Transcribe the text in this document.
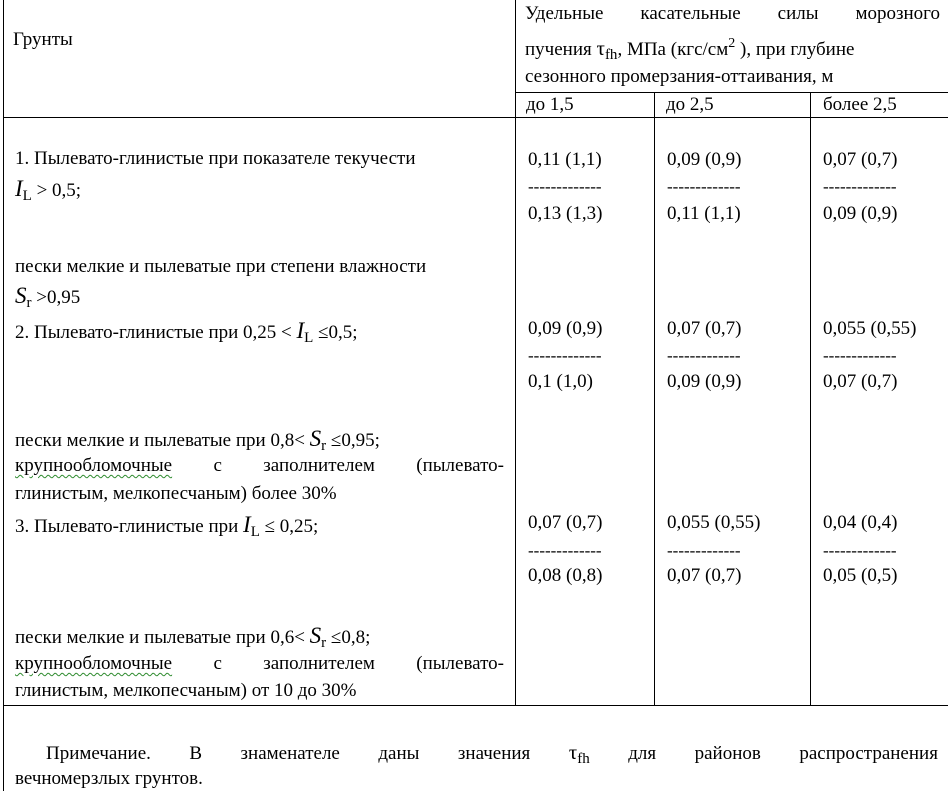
Грунты
Удельные касательные силы морозного
пучения $\tau_{fh}$, МПа ($кгс/см^2$ ), при глубине
сезонного промерзания-оттаивания, м
до 1,5	до 2,5	более 2,5
1. Пылевато-глинистые при показателе текучести
$I_L > 0,5$;
пески мелкие и пылеватые при степени влажности
$S_r >0,95$
0,11 (1,1)
-------------
0,13 (1,3)
0,09 (0,9)
-------------
0,11 (1,1)
0,07 (0,7)
-------------
0,09 (0,9)
2. Пылевато-глинистые при $0,25 < I_L \le 0,5$;
пески мелкие и пылеватые при $0,8< S_r \le 0,95$;
крупнообломочные с заполнителем (пылевато-
глинистым, мелкопесчаным) более 30%
0,09 (0,9)
-------------
0,1 (1,0)
0,07 (0,7)
-------------
0,09 (0,9)
0,055 (0,55)
-------------
0,07 (0,7)
3. Пылевато-глинистые при $I_L \le 0,25$;
пески мелкие и пылеватые при $0,6< S_r \le 0,8$;
крупнообломочные с заполнителем (пылевато-
глинистым, мелкопесчаным) от 10 до 30%
0,07 (0,7)
-------------
0,08 (0,8)
0,055 (0,55)
-------------
0,07 (0,7)
0,04 (0,4)
-------------
0,05 (0,5)
Примечание. В знаменателе даны значения $\tau_{fh}$ для районов распространения
вечномерзлых грунтов.
